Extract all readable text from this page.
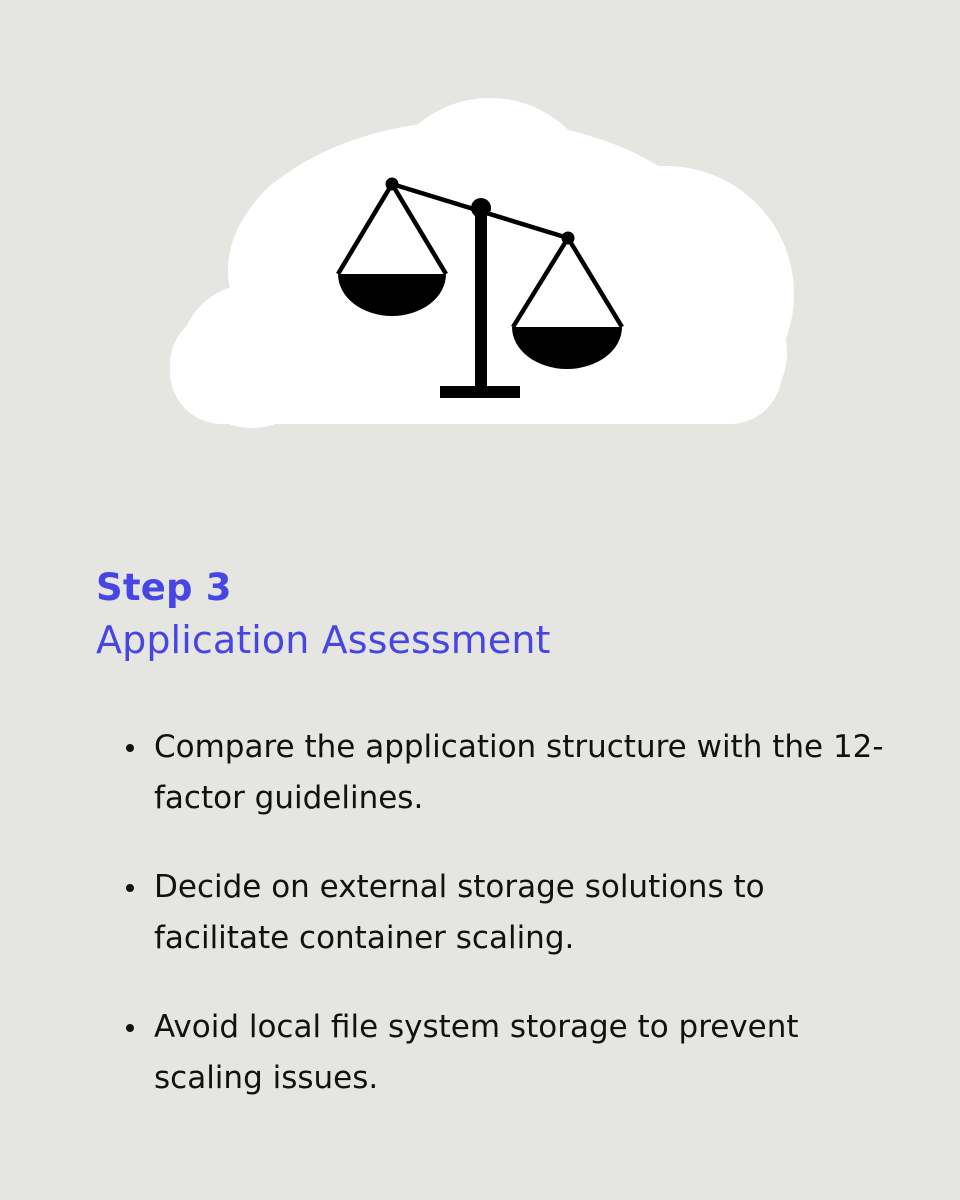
Step 3
Application Assessment
Compare the application structure with the 12-factor guidelines.
Decide on external storage solutions to facilitate container scaling.
Avoid local file system storage to prevent scaling issues.
